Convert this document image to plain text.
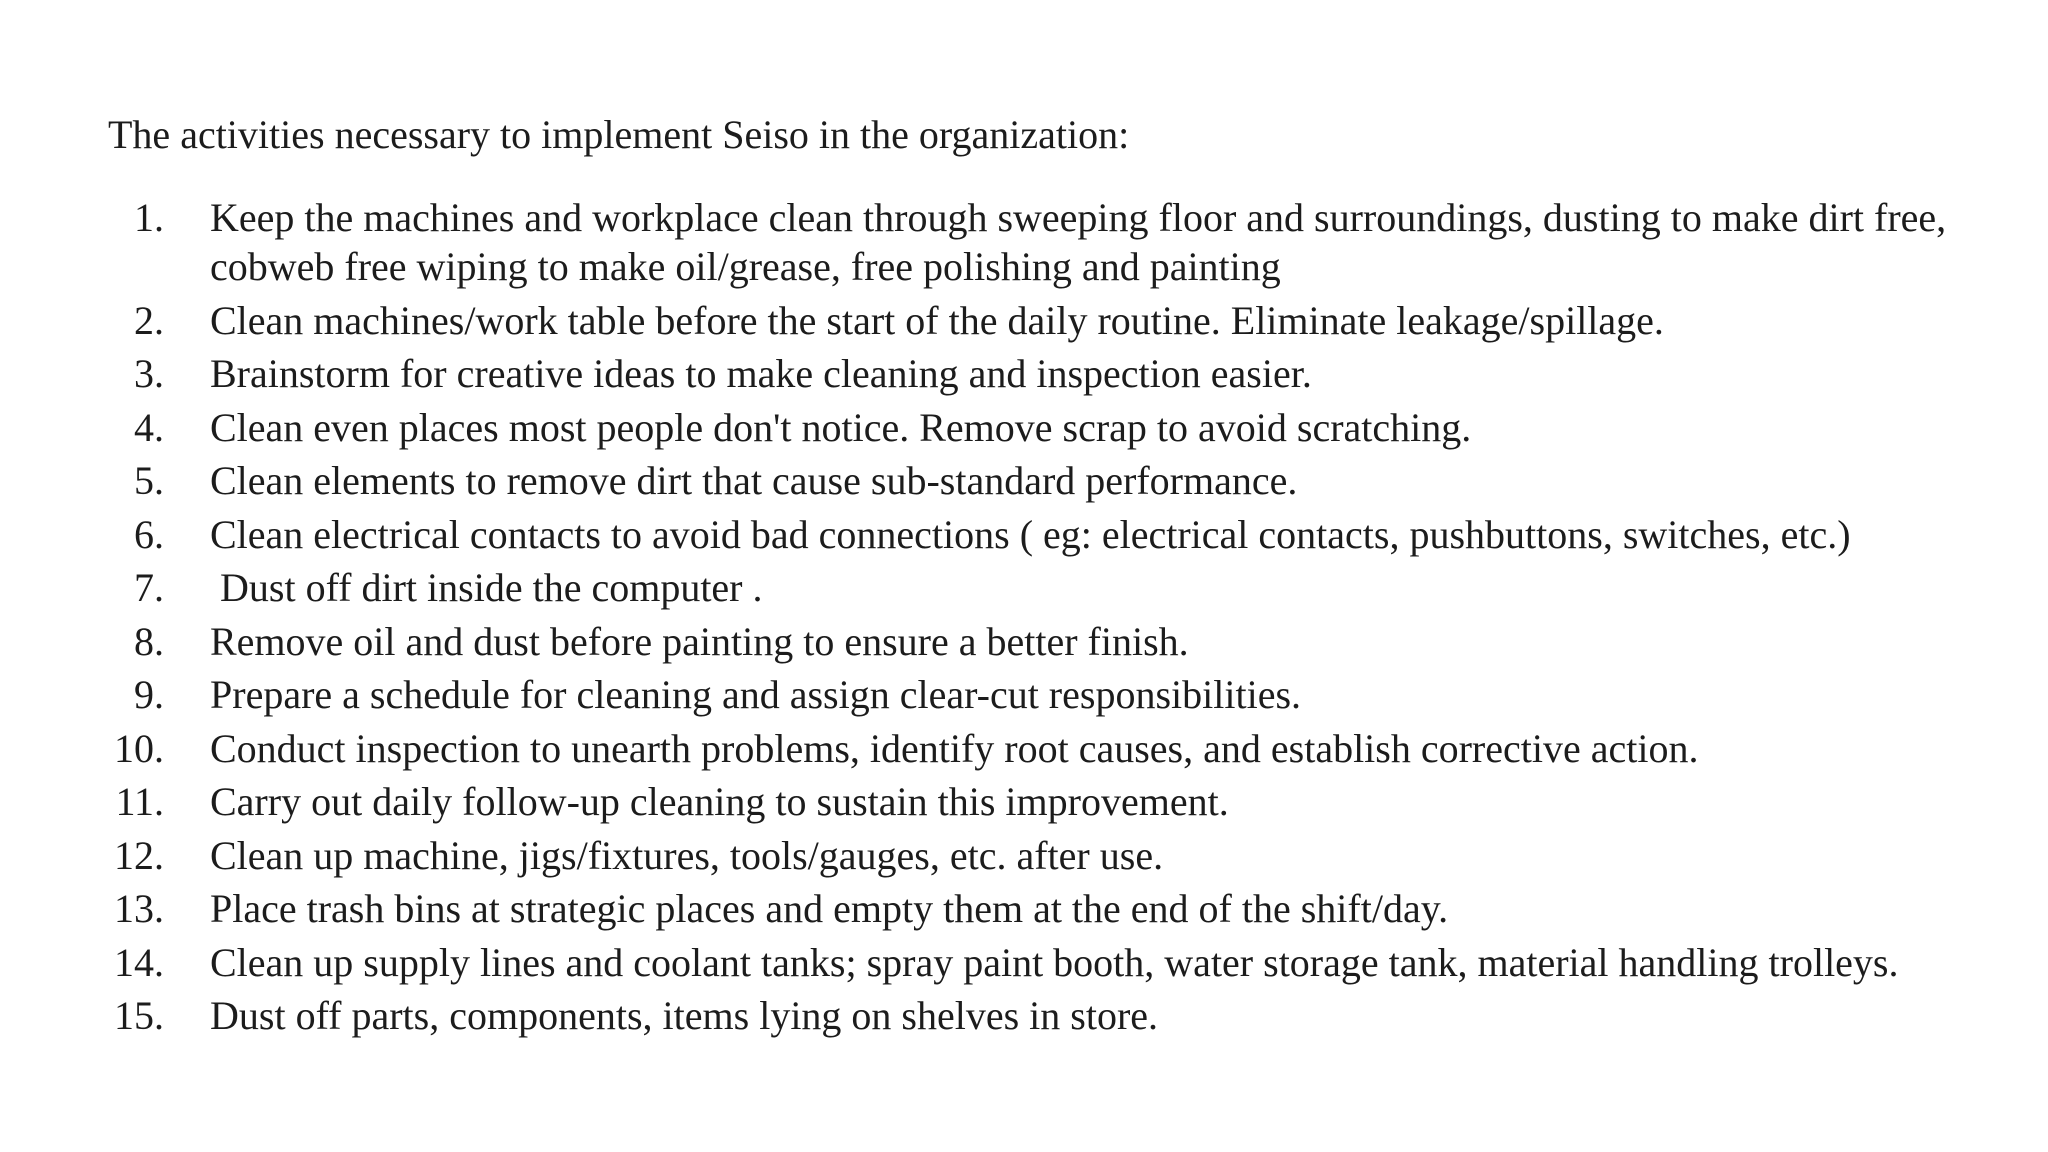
The activities necessary to implement Seiso in the organization:

1. Keep the machines and workplace clean through sweeping floor and surroundings, dusting to make dirt free, cobweb free wiping to make oil/grease, free polishing and painting
2. Clean machines/work table before the start of the daily routine. Eliminate leakage/spillage.
3. Brainstorm for creative ideas to make cleaning and inspection easier.
4. Clean even places most people don't notice. Remove scrap to avoid scratching.
5. Clean elements to remove dirt that cause sub-standard performance.
6. Clean electrical contacts to avoid bad connections ( eg: electrical contacts, pushbuttons, switches, etc.)
7. Dust off dirt inside the computer .
8. Remove oil and dust before painting to ensure a better finish.
9. Prepare a schedule for cleaning and assign clear-cut responsibilities.
10. Conduct inspection to unearth problems, identify root causes, and establish corrective action.
11. Carry out daily follow-up cleaning to sustain this improvement.
12. Clean up machine, jigs/fixtures, tools/gauges, etc. after use.
13. Place trash bins at strategic places and empty them at the end of the shift/day.
14. Clean up supply lines and coolant tanks; spray paint booth, water storage tank, material handling trolleys.
15. Dust off parts, components, items lying on shelves in store.
